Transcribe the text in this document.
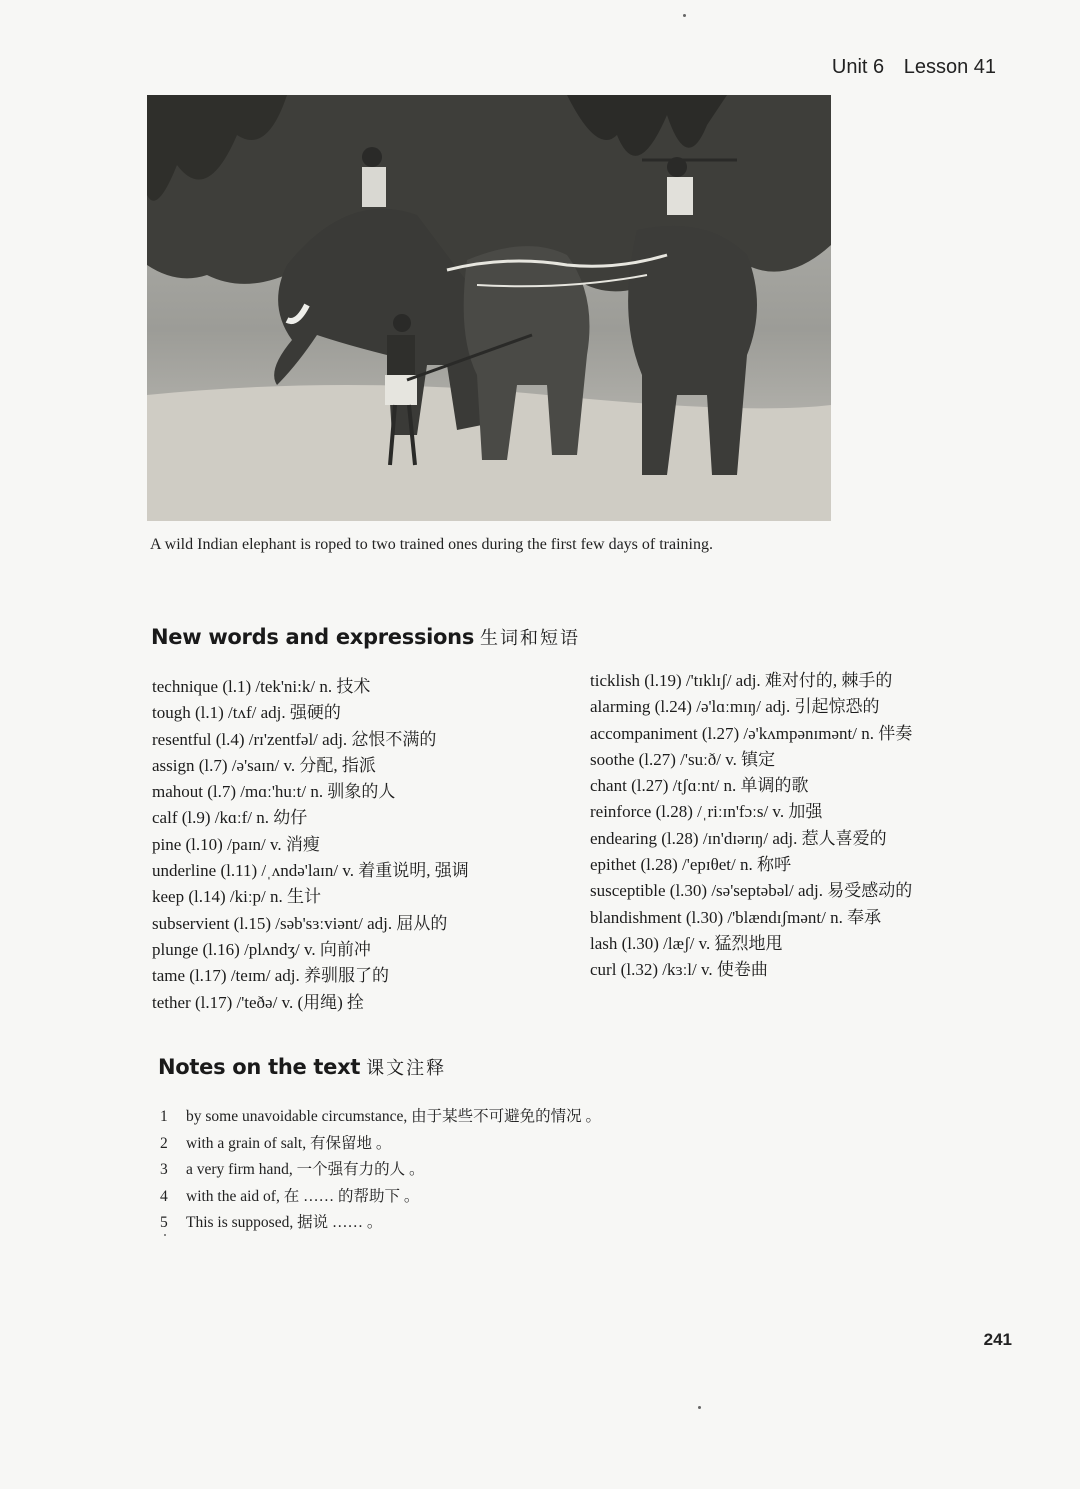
Unit 6 Lesson 41
A wild Indian elephant is roped to two trained ones during the first few days of training.
New words and expressions 生词和短语
technique (l.1) /tek'ni:k/ n. 技术
tough (l.1) /tʌf/ adj. 强硬的
resentful (l.4) /rɪ'zentfəl/ adj. 忿恨不满的
assign (l.7) /ə'saɪn/ v. 分配, 指派
mahout (l.7) /mɑː'huːt/ n. 驯象的人
calf (l.9) /kɑːf/ n. 幼仔
pine (l.10) /paɪn/ v. 消瘦
underline (l.11) /ˌʌndə'laɪn/ v. 着重说明, 强调
keep (l.14) /kiːp/ n. 生计
subservient (l.15) /səb'sɜːviənt/ adj. 屈从的
plunge (l.16) /plʌndʒ/ v. 向前冲
tame (l.17) /teɪm/ adj. 养驯服了的
tether (l.17) /'teðə/ v. (用绳) 拴
ticklish (l.19) /'tɪklɪʃ/ adj. 难对付的, 棘手的
alarming (l.24) /ə'lɑːmɪŋ/ adj. 引起惊恐的
accompaniment (l.27) /ə'kʌmpənɪmənt/ n. 伴奏
soothe (l.27) /'suːð/ v. 镇定
chant (l.27) /tʃɑːnt/ n. 单调的歌
reinforce (l.28) /ˌriːɪn'fɔːs/ v. 加强
endearing (l.28) /ɪn'dɪərɪŋ/ adj. 惹人喜爱的
epithet (l.28) /'epɪθet/ n. 称呼
susceptible (l.30) /sə'septəbəl/ adj. 易受感动的
blandishment (l.30) /'blændɪʃmənt/ n. 奉承
lash (l.30) /læʃ/ v. 猛烈地甩
curl (l.32) /kɜːl/ v. 使卷曲
Notes on the text 课文注释
1 by some unavoidable circumstance, 由于某些不可避免的情况 。
2 with a grain of salt, 有保留地 。
3 a very firm hand, 一个强有力的人 。
4 with the aid of, 在 …… 的帮助下 。
5 This is supposed, 据说 …… 。
241
